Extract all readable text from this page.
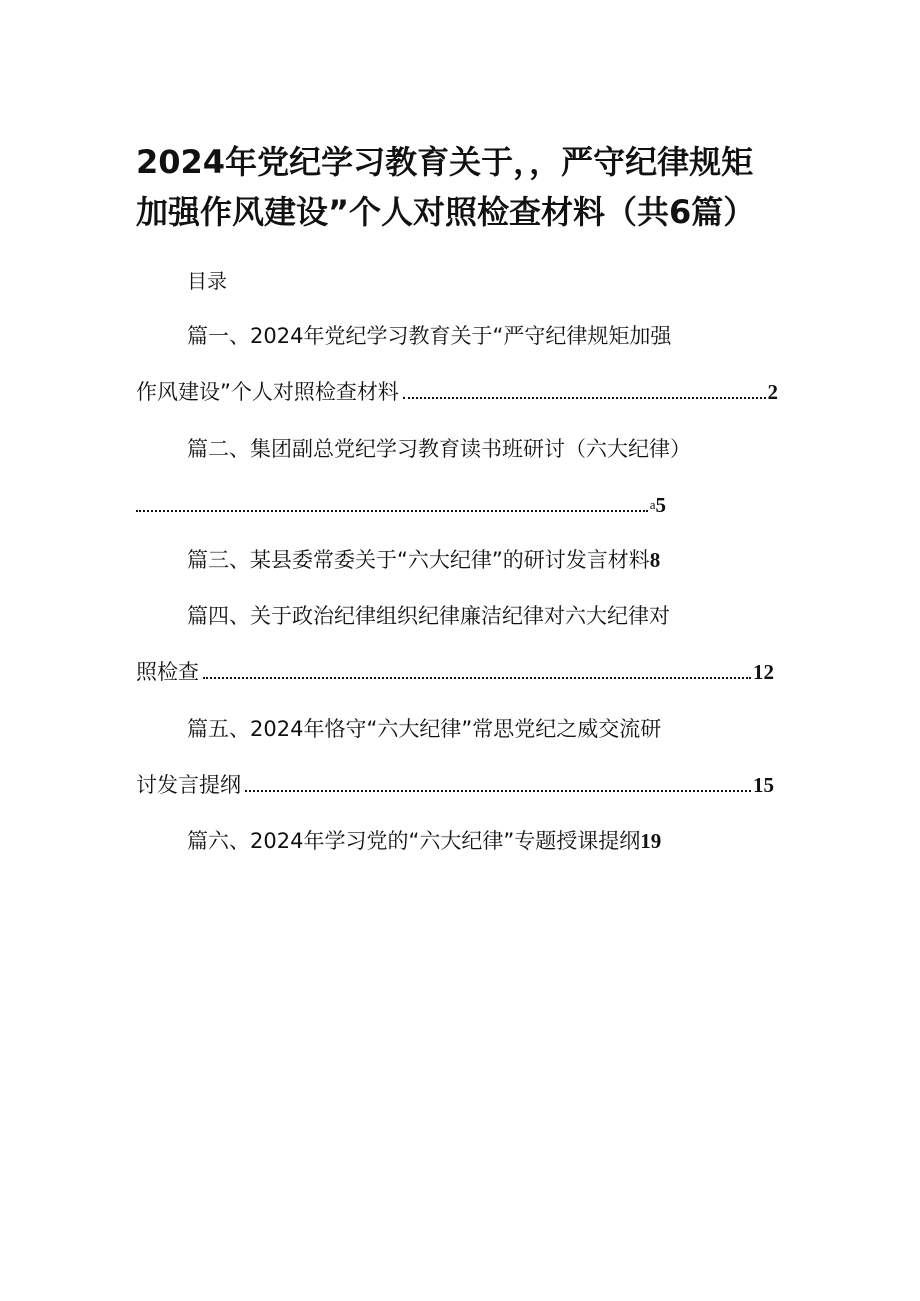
2024年党纪学习教育关于，，严守纪律规矩
加强作风建设”个人对照检查材料（共6篇）
目录
篇一、2024年党纪学习教育关于“严守纪律规矩加强
作风建设”个人对照检查材料	2
篇二、集团副总党纪学习教育读书班研讨（六大纪律）
a 5
篇三、某县委常委关于“六大纪律”的研讨发言材料 8
篇四、关于政治纪律组织纪律廉洁纪律对六大纪律对
照检查	12
篇五、2024年恪守“六大纪律”常思党纪之威交流研
讨发言提纲	15
篇六、2024年学习党的“六大纪律”专题授课提纲 19
